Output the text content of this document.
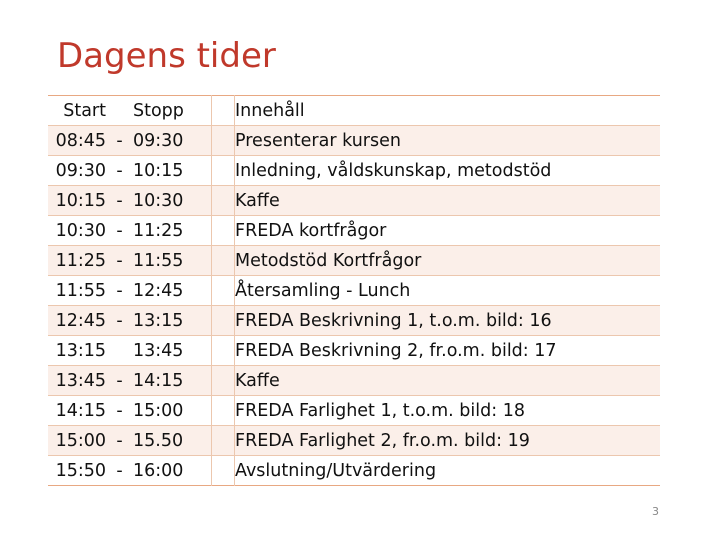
Dagens tider
Start		Stopp		Innehåll
08:45	-	09:30		Presenterar kursen
09:30	-	10:15		Inledning, våldskunskap, metodstöd
10:15	-	10:30		Kaffe
10:30	-	11:25		FREDA kortfrågor
11:25	-	11:55		Metodstöd Kortfrågor
11:55	-	12:45		Återsamling - Lunch
12:45	-	13:15		FREDA Beskrivning 1, t.o.m. bild: 16
13:15		13:45		FREDA Beskrivning 2, fr.o.m. bild: 17
13:45	-	14:15		Kaffe
14:15	-	15:00		FREDA Farlighet 1, t.o.m. bild: 18
15:00	-	15.50		FREDA Farlighet 2, fr.o.m. bild: 19
15:50	-	16:00		Avslutning/Utvärdering
3
